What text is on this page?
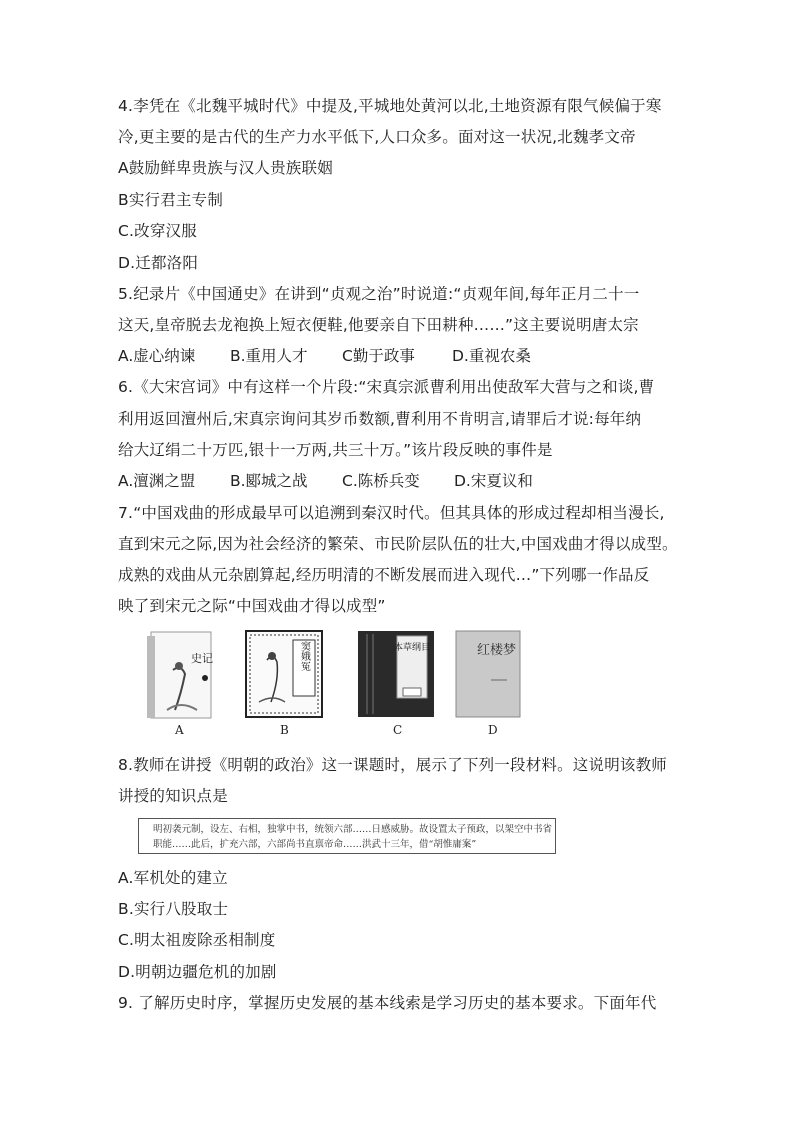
4.李凭在《北魏平城时代》中提及,平城地处黄河以北,土地资源有限气候偏于寒
冷,更主要的是古代的生产力水平低下,人口众多。面对这一状况,北魏孝文帝
A鼓励鲜卑贵族与汉人贵族联姻
B实行君主专制
C.改穿汉服
D.迁都洛阳
5.纪录片《中国通史》在讲到“贞观之治”时说道:“贞观年间,每年正月二十一
这天,皇帝脱去龙袍换上短衣便鞋,他要亲自下田耕种……”这主要说明唐太宗
A.虚心纳谏 B.重用人才 C勤于政事 D.重视农桑
6.《大宋宫词》中有这样一个片段:“宋真宗派曹利用出使敌军大营与之和谈,曹
利用返回澶州后,宋真宗询问其岁币数额,曹利用不肯明言,请罪后才说:每年纳
给大辽绢二十万匹,银十一万两,共三十万。”该片段反映的事件是
A.澶渊之盟 B.郾城之战 C.陈桥兵变 D.宋夏议和
7.“中国戏曲的形成最早可以追溯到秦汉时代。但其具体的形成过程却相当漫长,
直到宋元之际,因为社会经济的繁荣、市民阶层队伍的壮大,中国戏曲才得以成型。
成熟的戏曲从元杂剧算起,经历明清的不断发展而进入现代…”下列哪一作品反
映了到宋元之际“中国戏曲才得以成型”
史记
A
窦娥冤
B
本草纲目
C
红楼梦
D
8.教师在讲授《明朝的政治》这一课题时，展示了下列一段材料。这说明该教师
讲授的知识点是
明初袭元制，设左、右相，独掌中书，统领六部……日感威胁。故设置太子预政，以架空中书省
职能……此后，扩充六部，六部尚书直禀帝命……洪武十三年，借“胡惟庸案”
A.军机处的建立
B.实行八股取士
C.明太祖废除丞相制度
D.明朝边疆危机的加剧
9. 了解历史时序，掌握历史发展的基本线索是学习历史的基本要求。下面年代
